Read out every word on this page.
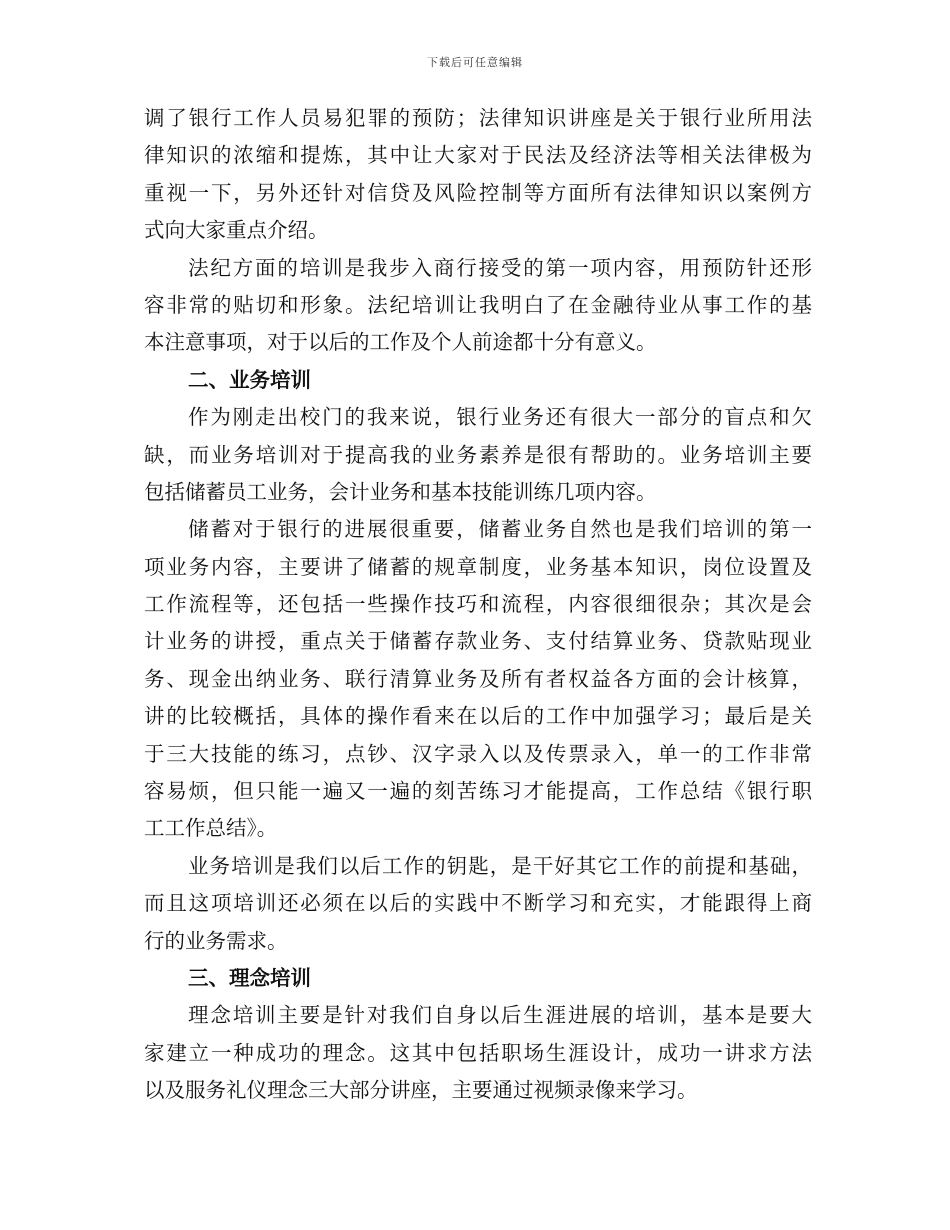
下载后可任意编辑
调了银行工作人员易犯罪的预防；法律知识讲座是关于银行业所用法
律知识的浓缩和提炼，其中让大家对于民法及经济法等相关法律极为
重视一下，另外还针对信贷及风险控制等方面所有法律知识以案例方
式向大家重点介绍。
法纪方面的培训是我步入商行接受的第一项内容，用预防针还形
容非常的贴切和形象。法纪培训让我明白了在金融待业从事工作的基
本注意事项，对于以后的工作及个人前途都十分有意义。
二、业务培训
作为刚走出校门的我来说，银行业务还有很大一部分的盲点和欠
缺，而业务培训对于提高我的业务素养是很有帮助的。业务培训主要
包括储蓄员工业务，会计业务和基本技能训练几项内容。
储蓄对于银行的进展很重要，储蓄业务自然也是我们培训的第一
项业务内容，主要讲了储蓄的规章制度，业务基本知识，岗位设置及
工作流程等，还包括一些操作技巧和流程，内容很细很杂；其次是会
计业务的讲授，重点关于储蓄存款业务、支付结算业务、贷款贴现业
务、现金出纳业务、联行清算业务及所有者权益各方面的会计核算，
讲的比较概括，具体的操作看来在以后的工作中加强学习；最后是关
于三大技能的练习，点钞、汉字录入以及传票录入，单一的工作非常
容易烦，但只能一遍又一遍的刻苦练习才能提高，工作总结《银行职
工工作总结》。
业务培训是我们以后工作的钥匙，是干好其它工作的前提和基础，
而且这项培训还必须在以后的实践中不断学习和充实，才能跟得上商
行的业务需求。
三、理念培训
理念培训主要是针对我们自身以后生涯进展的培训，基本是要大
家建立一种成功的理念。这其中包括职场生涯设计，成功一讲求方法
以及服务礼仪理念三大部分讲座，主要通过视频录像来学习。
